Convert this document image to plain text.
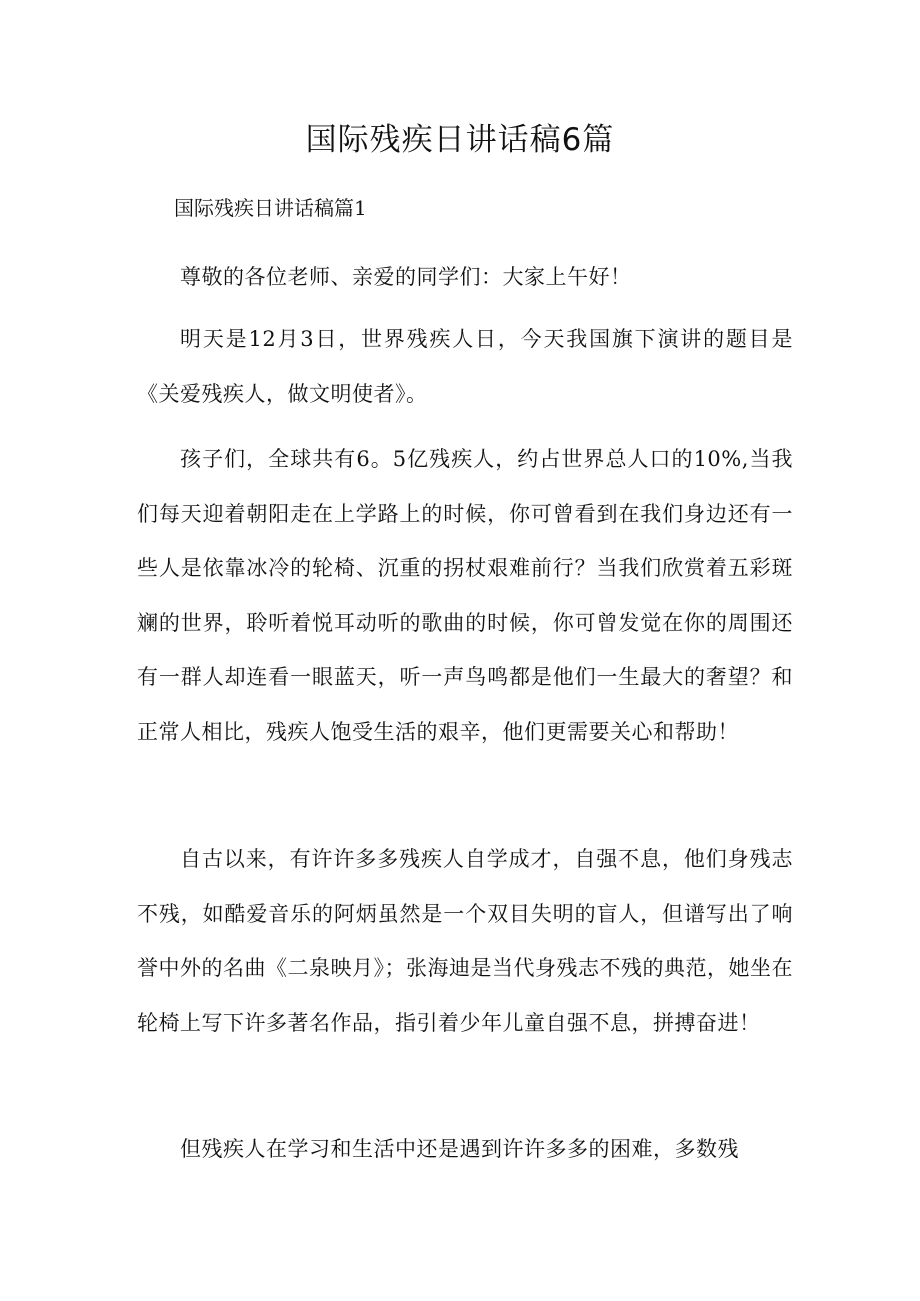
国际残疾日讲话稿6篇

国际残疾日讲话稿篇1

尊敬的各位老师、亲爱的同学们：大家上午好！

明天是12月3日，世界残疾人日，今天我国旗下演讲的题目是《关爱残疾人，做文明使者》。

孩子们，全球共有6。5亿残疾人，约占世界总人口的10%,当我们每天迎着朝阳走在上学路上的时候，你可曾看到在我们身边还有一些人是依靠冰冷的轮椅、沉重的拐杖艰难前行？当我们欣赏着五彩斑斓的世界，聆听着悦耳动听的歌曲的时候，你可曾发觉在你的周围还有一群人却连看一眼蓝天，听一声鸟鸣都是他们一生最大的奢望？和正常人相比，残疾人饱受生活的艰辛，他们更需要关心和帮助！

自古以来，有许许多多残疾人自学成才，自强不息，他们身残志不残，如酷爱音乐的阿炳虽然是一个双目失明的盲人，但谱写出了响誉中外的名曲《二泉映月》；张海迪是当代身残志不残的典范，她坐在轮椅上写下许多著名作品，指引着少年儿童自强不息，拼搏奋进！

但残疾人在学习和生活中还是遇到许许多多的困难，多数残
